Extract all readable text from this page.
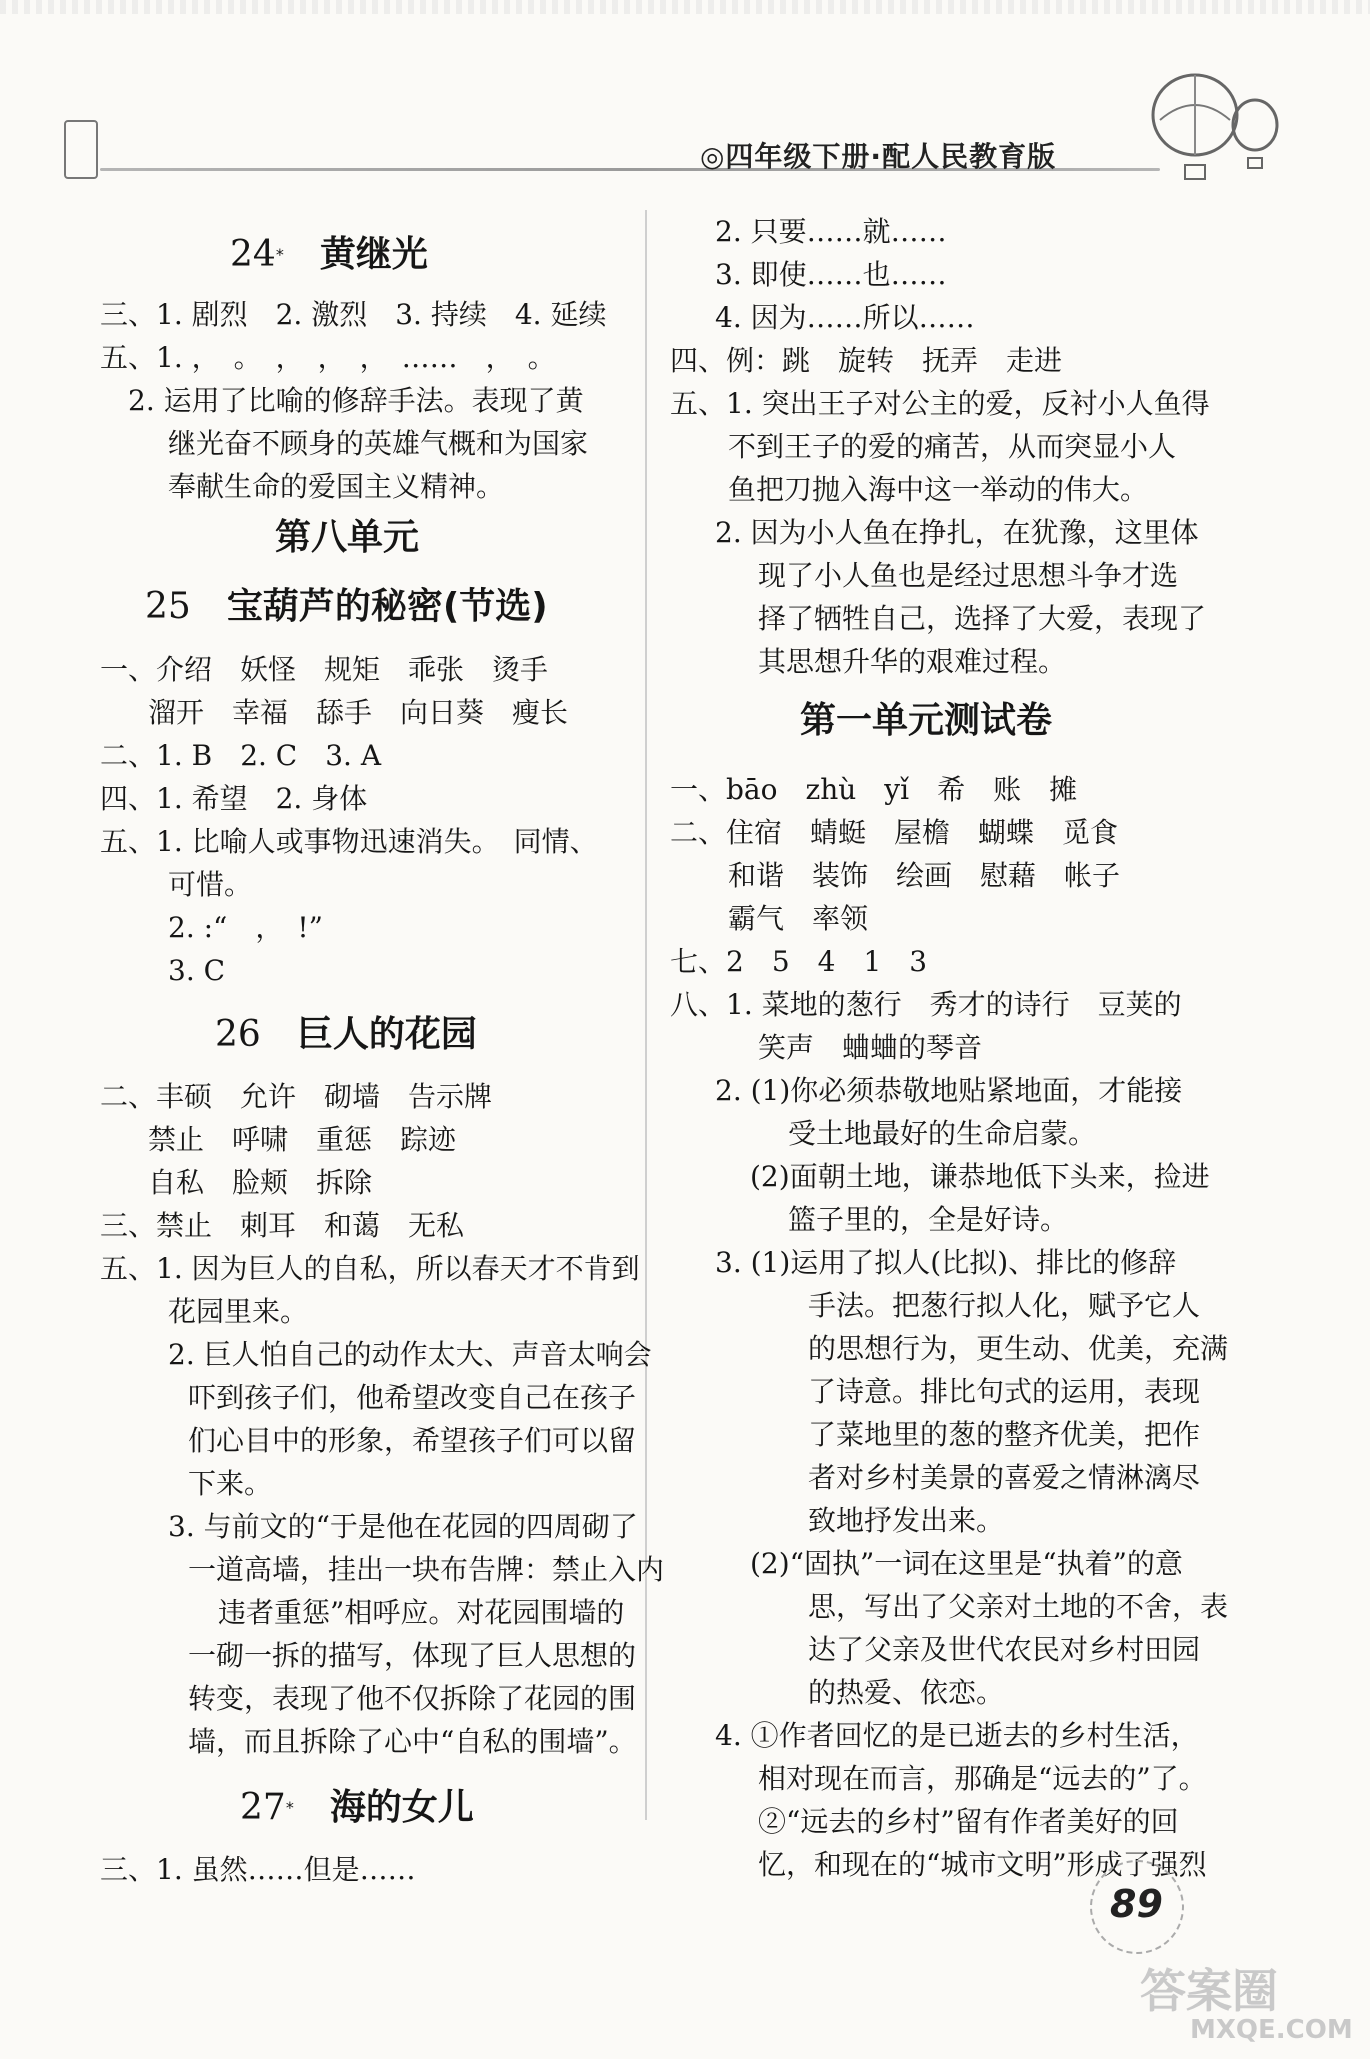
◎四年级下册·配人民教育版
24*　 黄继光
三、1. 剧烈　2. 激烈　3. 持续　4. 延续
五、1. ，　。　，　，　，　……　，　。
　2. 运用了比喻的修辞手法。表现了黄
　继光奋不顾身的英雄气概和为国家
　奉献生命的爱国主义精神。
第八单元
25　 宝葫芦的秘密(节选)
一、介绍　妖怪　规矩　乖张　烫手
　溜开　幸福　舔手　向日葵　瘦长
二、1. B　2. C　3. A
四、1. 希望　2. 身体
五、1. 比喻人或事物迅速消失。　同情、
　可惜。
　2. :“　，　!”
　3. C
26　 巨人的花园
二、丰硕　允许　砌墙　告示牌
　禁止　呼啸　重惩　踪迹
　自私　脸颊　拆除
三、禁止　刺耳　和蔼　无私
五、1. 因为巨人的自私，所以春天才不肯到
　花园里来。
　2. 巨人怕自己的动作太大、声音太响会
　吓到孩子们，他希望改变自己在孩子
　们心目中的形象，希望孩子们可以留
　下来。
　3. 与前文的“于是他在花园的四周砌了
　一道高墙，挂出一块布告牌：禁止入内
　违者重惩”相呼应。对花园围墙的
　一砌一拆的描写，体现了巨人思想的
　转变，表现了他不仅拆除了花园的围
　墙，而且拆除了心中“自私的围墙”。
27*　 海的女儿
三、1. 虽然……但是……
2. 只要……就……
3. 即使……也……
4. 因为……所以……
四、例：跳　旋转　抚弄　走进
五、1. 突出王子对公主的爱，反衬小人鱼得
　不到王子的爱的痛苦，从而突显小人
　鱼把刀抛入海中这一举动的伟大。
2. 因为小人鱼在挣扎，在犹豫，这里体
　现了小人鱼也是经过思想斗争才选
　择了牺牲自己，选择了大爱，表现了
　其思想升华的艰难过程。
第一单元测试卷
一、bāo　zhù　yǐ　希　账　摊
二、住宿　蜻蜓　屋檐　蝴蝶　觅食
　和谐　装饰　绘画　慰藉　帐子
　霸气　率领
七、2　5　4　1　3
八、1. 菜地的葱行　秀才的诗行　豆荚的
　笑声　蛐蛐的琴音
2. (1)你必须恭敬地贴紧地面，才能接
　受土地最好的生命启蒙。
(2)面朝土地，谦恭地低下头来，捡进
　篮子里的，全是好诗。
3. (1)运用了拟人(比拟)、排比的修辞
　手法。把葱行拟人化，赋予它人
　的思想行为，更生动、优美，充满
　了诗意。排比句式的运用，表现
　了菜地里的葱的整齐优美，把作
　者对乡村美景的喜爱之情淋漓尽
　致地抒发出来。
(2)“固执”一词在这里是“执着”的意
　思，写出了父亲对土地的不舍，表
　达了父亲及世代农民对乡村田园
　的热爱、依恋。
4. ①作者回忆的是已逝去的乡村生活，
　相对现在而言，那确是“远去的”了。
　②“远去的乡村”留有作者美好的回
　忆，和现在的“城市文明”形成了强烈
89
答案圈
MXQE.COM
